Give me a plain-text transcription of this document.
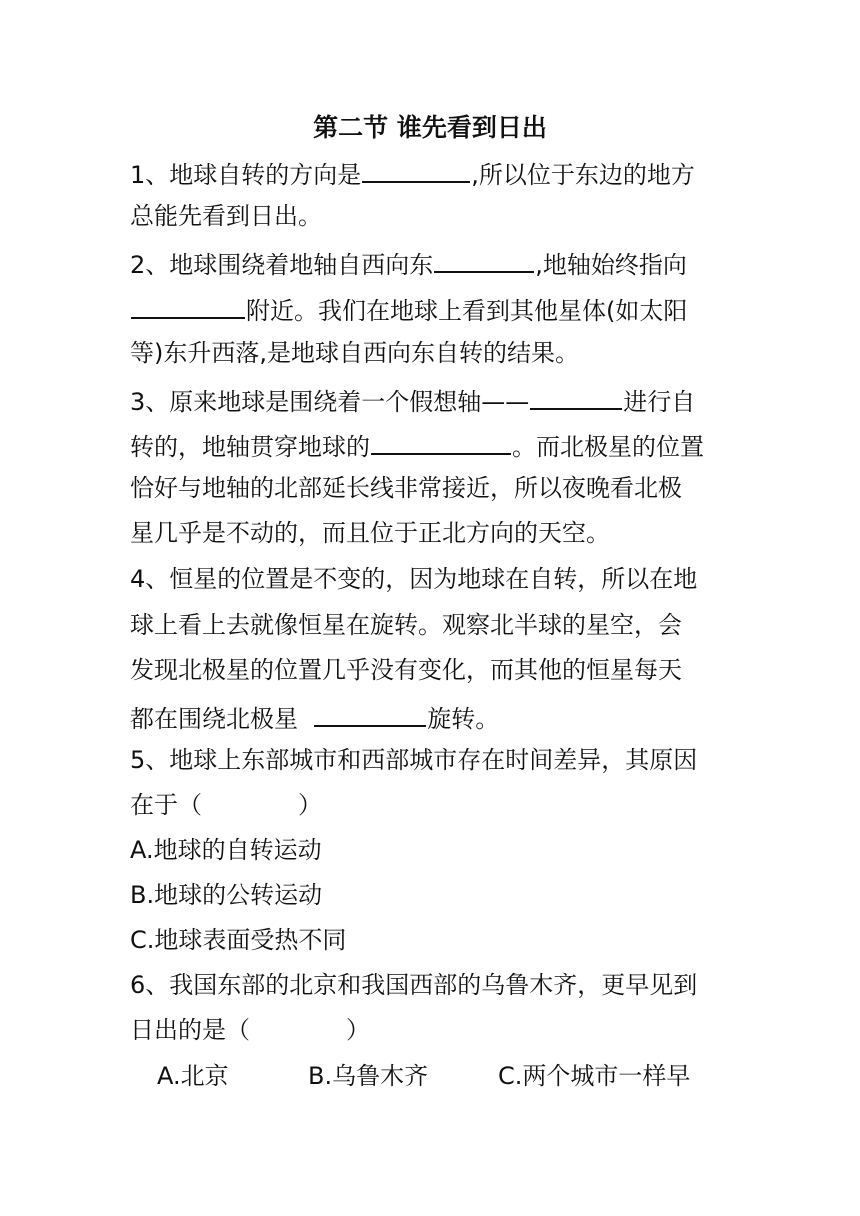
第二节 谁先看到日出
1、地球自转的方向是	,所以位于东边的地方
总能先看到日出。
2、地球围绕着地轴自西向东	,地轴始终指向
附近。我们在地球上看到其他星体(如太阳
等)东升西落,是地球自西向东自转的结果。
3、原来地球是围绕着一个假想轴——	进行自
转的，地轴贯穿地球的	。而北极星的位置
恰好与地轴的北部延长线非常接近，所以夜晚看北极
星几乎是不动的，而且位于正北方向的天空。
4、恒星的位置是不变的，因为地球在自转，所以在地
球上看上去就像恒星在旋转。观察北半球的星空，会
发现北极星的位置几乎没有变化，而其他的恒星每天
都在围绕北极星	旋转。
5、地球上东部城市和西部城市存在时间差异，其原因
在于（　　　　）
A.地球的自转运动
B.地球的公转运动
C.地球表面受热不同
6、我国东部的北京和我国西部的乌鲁木齐，更早见到
日出的是（　　　　）
A.北京	B.乌鲁木齐	C.两个城市一样早
